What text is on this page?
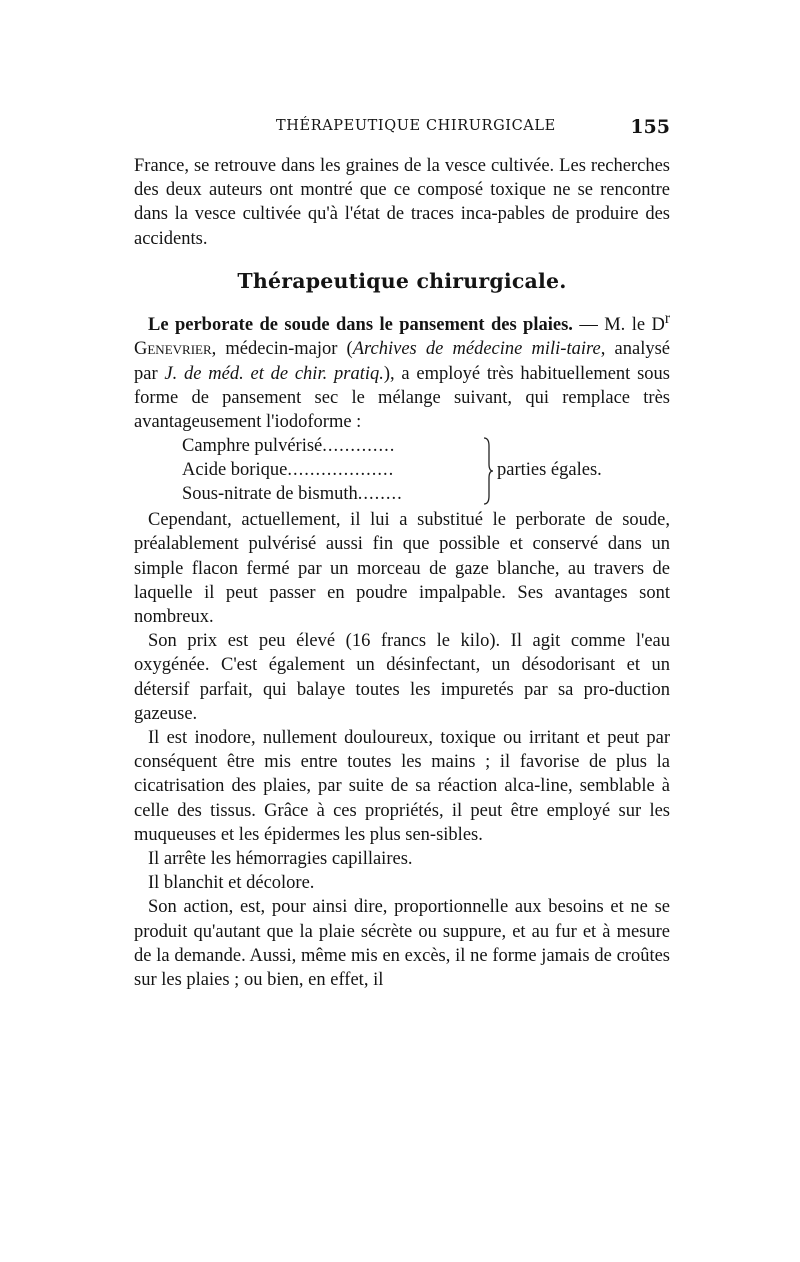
THÉRAPEUTIQUE CHIRURGICALE	155

France, se retrouve dans les graines de la vesce cultivée. Les recherches des deux auteurs ont montré que ce composé toxique ne se rencontre dans la vesce cultivée qu'à l'état de traces inca-pables de produire des accidents.

Thérapeutique chirurgicale.

Le perborate de soude dans le pansement des plaies. — M. le $D^r$ Genevrier, médecin-major (Archives de médecine mili-taire, analysé par J. de méd. et de chir. pratiq.), a employé très habituellement sous forme de pansement sec le mélange suivant, qui remplace très avantageusement l'iodoforme :

Camphre pulvérisé.............
Acide borique...................
Sous-nitrate de bismuth........
parties égales.

Cependant, actuellement, il lui a substitué le perborate de soude, préalablement pulvérisé aussi fin que possible et conservé dans un simple flacon fermé par un morceau de gaze blanche, au travers de laquelle il peut passer en poudre impalpable. Ses avantages sont nombreux.

Son prix est peu élevé (16 francs le kilo). Il agit comme l'eau oxygénée. C'est également un désinfectant, un désodorisant et un détersif parfait, qui balaye toutes les impuretés par sa pro-duction gazeuse.

Il est inodore, nullement douloureux, toxique ou irritant et peut par conséquent être mis entre toutes les mains ; il favorise de plus la cicatrisation des plaies, par suite de sa réaction alca-line, semblable à celle des tissus. Grâce à ces propriétés, il peut être employé sur les muqueuses et les épidermes les plus sen-sibles.

Il arrête les hémorragies capillaires.

Il blanchit et décolore.

Son action, est, pour ainsi dire, proportionnelle aux besoins et ne se produit qu'autant que la plaie sécrète ou suppure, et au fur et à mesure de la demande. Aussi, même mis en excès, il ne forme jamais de croûtes sur les plaies ; ou bien, en effet, il
